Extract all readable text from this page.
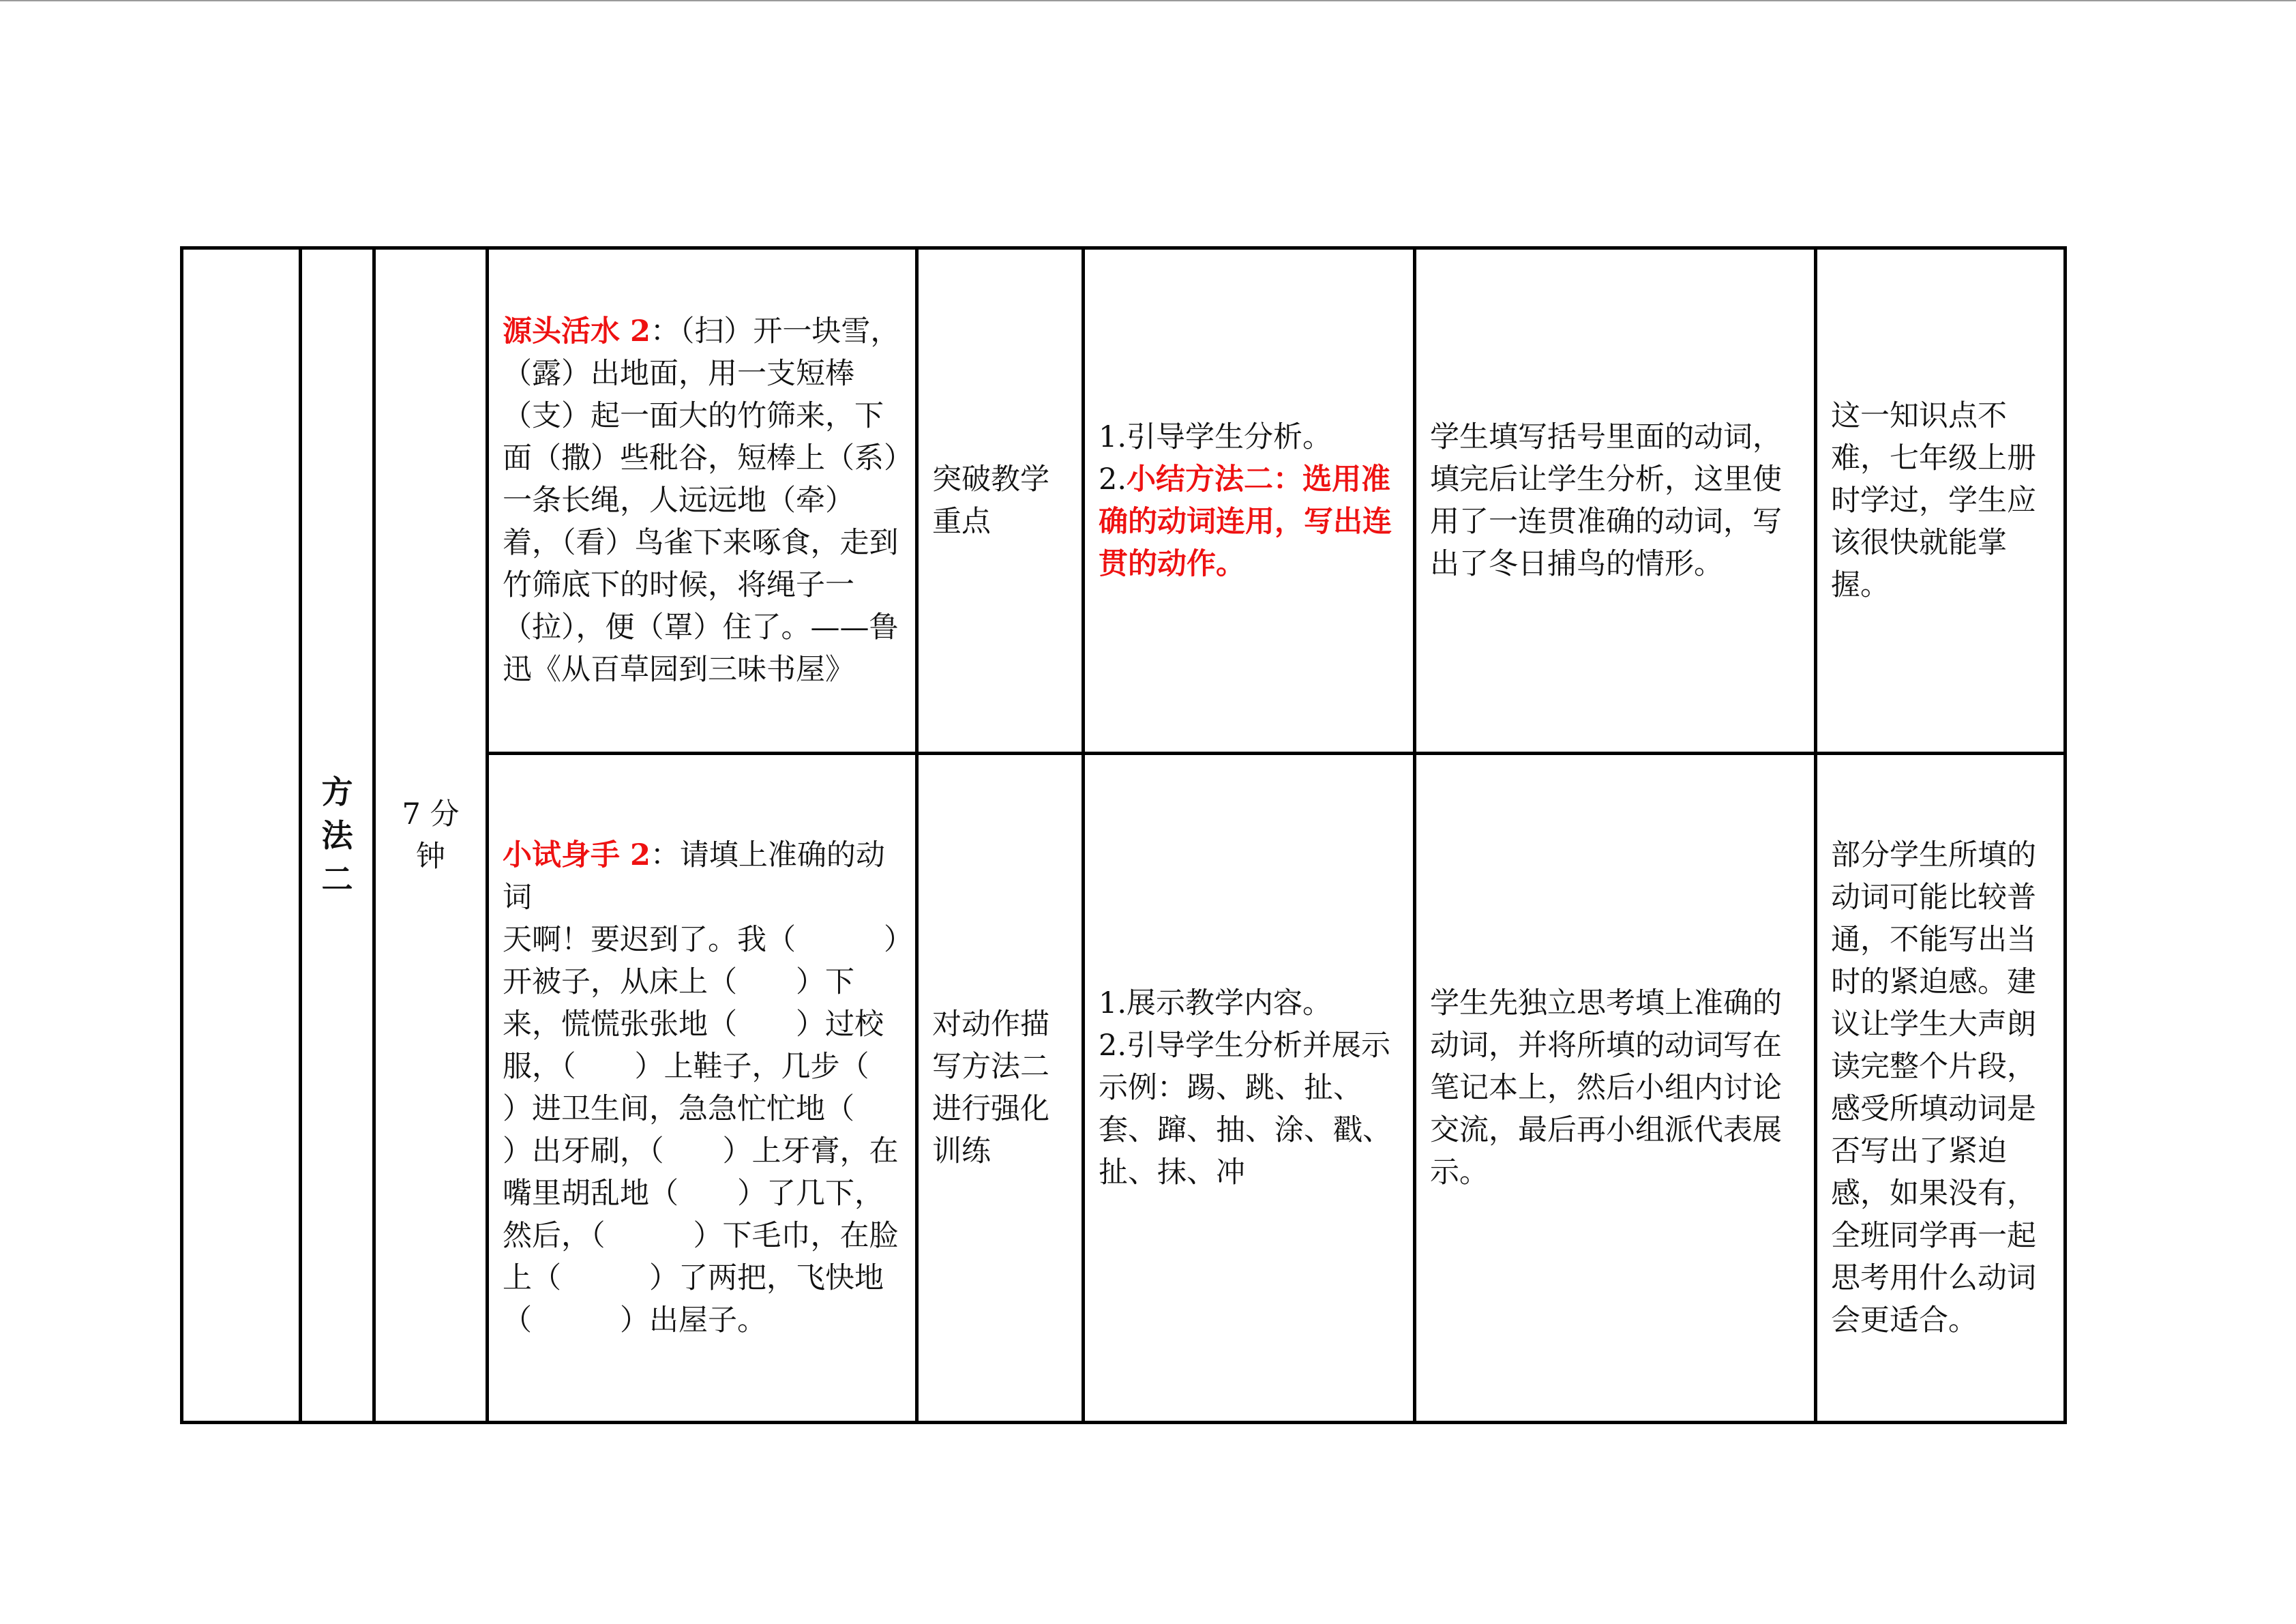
	方法二	7 分钟	源头活水 2：（扫）开一块雪，（露）出地面，用一支短棒（支）起一面大的竹筛来，下面（撒）些秕谷，短棒上（系）一条长绳，人远远地（牵）着，（看）鸟雀下来啄食，走到竹筛底下的时候，将绳子一（拉），便（罩）住了。——鲁迅《从百草园到三味书屋》	突破教学重点	1.引导学生分析。
2.小结方法二：选用准确的动词连用，写出连贯的动作。	学生填写括号里面的动词，填完后让学生分析，这里使用了一连贯准确的动词，写出了冬日捕鸟的情形。	这一知识点不难，七年级上册时学过，学生应该很快就能掌握。
			小试身手 2：请填上准确的动词
天啊！要迟到了。我（　　　）开被子，从床上（　　）下来，慌慌张张地（　　）过校服，（　　）上鞋子，几步（　　）进卫生间，急急忙忙地（　　）出牙刷，（　　）上牙膏，在嘴里胡乱地（　　）了几下，然后，（　　　）下毛巾，在脸上（　　　）了两把，飞快地（　　　）出屋子。	对动作描写方法二进行强化训练	1.展示教学内容。
2.引导学生分析并展示示例：踢、跳、扯、套、蹿、抽、涂、戳、扯、抹、冲	学生先独立思考填上准确的动词，并将所填的动词写在笔记本上，然后小组内讨论交流，最后再小组派代表展示。	部分学生所填的动词可能比较普通，不能写出当时的紧迫感。建议让学生大声朗读完整个片段，感受所填动词是否写出了紧迫感，如果没有，全班同学再一起思考用什么动词会更适合。
